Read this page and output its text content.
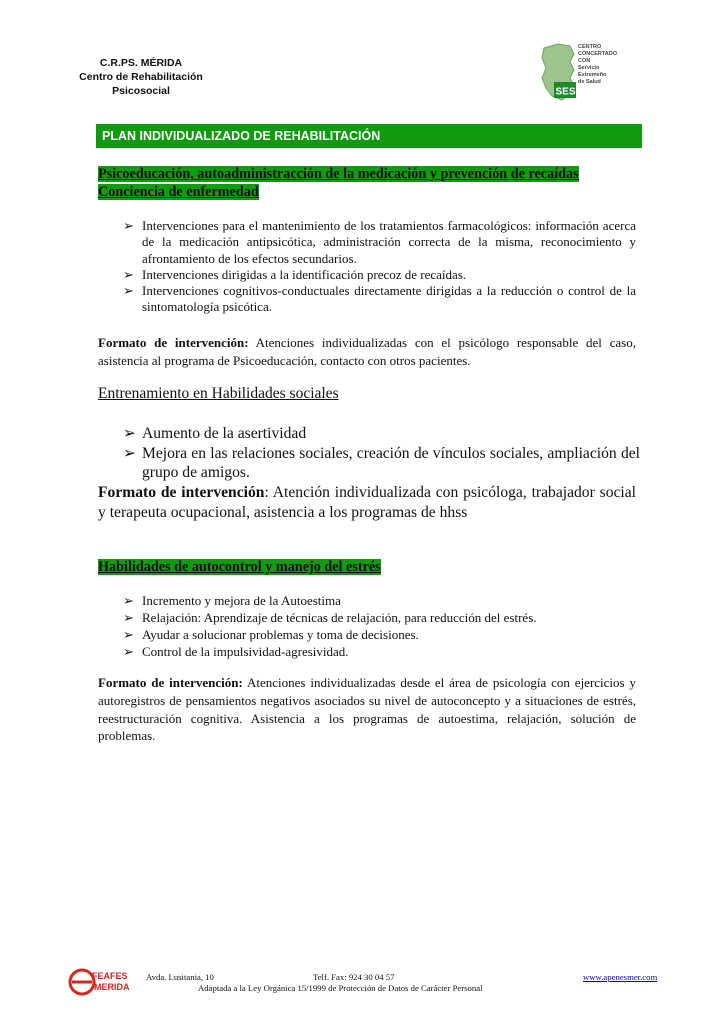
C.R.PS. MÉRIDA
Centro de Rehabilitación
Psicosocial	SES
CENTRO
CONCERTADO
CON
Servicio
Extremeño
de Salud
PLAN INDIVIDUALIZADO DE REHABILITACIÓN
Psicoeducación, autoadministracción de la medicación y prevención de recaídas
Conciencia de enfermedad
➢ Intervenciones para el mantenimiento de los tratamientos farmacológicos: información acerca de la medicación antipsicótica, administración correcta de la misma, reconocimiento y afrontamiento de los efectos secundarios.
➢ Intervenciones dirigidas a la identificación precoz de recaídas.
➢ Intervenciones cognitivos-conductuales directamente dirigidas a la reducción o control de la sintomatología psicótica.
Formato de intervención: Atenciones individualizadas con el psicólogo responsable del caso, asistencia al programa de Psicoeducación, contacto con otros pacientes.
Entrenamiento en Habilidades sociales
➢ Aumento de la asertividad
➢ Mejora en las relaciones sociales, creación de vínculos sociales, ampliación del grupo de amigos.
Formato de intervención: Atención individualizada con psicóloga, trabajador social y terapeuta ocupacional, asistencia a los programas de hhss
Habilidades de autocontrol y manejo del estrés
➢ Incremento y mejora de la Autoestima
➢ Relajación: Aprendizaje de técnicas de relajación, para reducción del estrés.
➢ Ayudar a solucionar problemas y toma de decisiones.
➢ Control de la impulsividad-agresividad.
Formato de intervención: Atenciones individualizadas desde el área de psicología con ejercicios y autoregistros de pensamientos negativos asociados su nivel de autoconcepto y a situaciones de estrés, reestructuración cognitiva. Asistencia a los programas de autoestima, relajación, solución de problemas.
FEAFES
MERIDA
Avda. Lusitania, 10	Telf. Fax: 924 30 04 57	www.apenesmer.com
Adaptada a la Ley Orgánica 15/1999 de Protección de Datos de Carácter Personal
